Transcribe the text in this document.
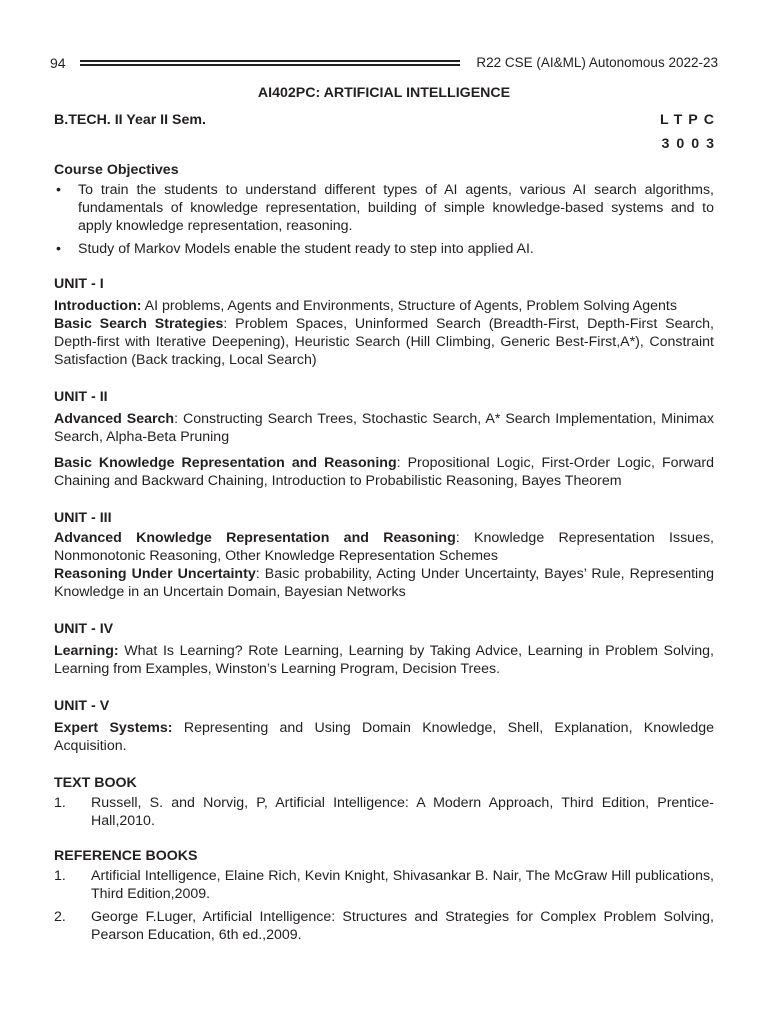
94	R22 CSE (AI&ML) Autonomous 2022-23
AI402PC: ARTIFICIAL INTELLIGENCE
B.TECH. II Year II Sem.	LTPC
3003
Course Objectives
• To train the students to understand different types of AI agents, various AI search algorithms, fundamentals of knowledge representation, building of simple knowledge-based systems and to apply knowledge representation, reasoning.
• Study of Markov Models enable the student ready to step into applied AI.
UNIT - I

Introduction: AI problems, Agents and Environments, Structure of Agents, Problem Solving Agents

Basic Search Strategies: Problem Spaces, Uninformed Search (Breadth-First, Depth-First Search, Depth-first with Iterative Deepening), Heuristic Search (Hill Climbing, Generic Best-First,A*), Constraint Satisfaction (Back tracking, Local Search)

UNIT - II

Advanced Search: Constructing Search Trees, Stochastic Search, A* Search Implementation, Minimax Search, Alpha-Beta Pruning

Basic Knowledge Representation and Reasoning: Propositional Logic, First-Order Logic, Forward Chaining and Backward Chaining, Introduction to Probabilistic Reasoning, Bayes Theorem

UNIT - III

Advanced Knowledge Representation and Reasoning: Knowledge Representation Issues, Nonmonotonic Reasoning, Other Knowledge Representation Schemes

Reasoning Under Uncertainty: Basic probability, Acting Under Uncertainty, Bayes’ Rule, Representing Knowledge in an Uncertain Domain, Bayesian Networks

UNIT - IV

Learning: What Is Learning? Rote Learning, Learning by Taking Advice, Learning in Problem Solving, Learning from Examples, Winston’s Learning Program, Decision Trees.

UNIT - V

Expert Systems: Representing and Using Domain Knowledge, Shell, Explanation, Knowledge Acquisition.

TEXT BOOK
1. Russell, S. and Norvig, P, Artificial Intelligence: A Modern Approach, Third Edition, Prentice-Hall,2010.
REFERENCE BOOKS
1. Artificial Intelligence, Elaine Rich, Kevin Knight, Shivasankar B. Nair, The McGraw Hill publications, Third Edition,2009.
2. George F.Luger, Artificial Intelligence: Structures and Strategies for Complex Problem Solving, Pearson Education, 6th ed.,2009.
